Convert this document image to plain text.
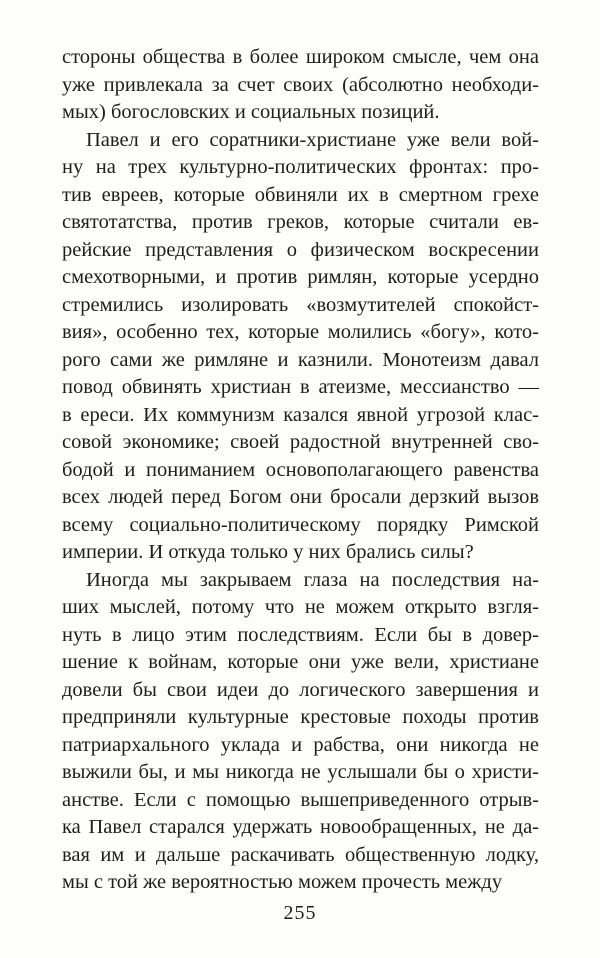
стороны общества в более широком смысле, чем она
уже привлекала за счет своих (абсолютно необходи-
мых) богословских и социальных позиций.
Павел и его соратники-христиане уже вели вой-
ну на трех культурно-политических фронтах: про-
тив евреев, которые обвиняли их в смертном грехе
святотатства, против греков, которые считали ев-
рейские представления о физическом воскресении
смехотворными, и против римлян, которые усердно
стремились изолировать «возмутителей спокойст-
вия», особенно тех, которые молились «богу», кото-
рого сами же римляне и казнили. Монотеизм давал
повод обвинять христиан в атеизме, мессианство —
в ереси. Их коммунизм казался явной угрозой клас-
совой экономике; своей радостной внутренней сво-
бодой и пониманием основополагающего равенства
всех людей перед Богом они бросали дерзкий вызов
всему социально-политическому порядку Римской
империи. И откуда только у них брались силы?
Иногда мы закрываем глаза на последствия на-
ших мыслей, потому что не можем открыто взгля-
нуть в лицо этим последствиям. Если бы в довер-
шение к войнам, которые они уже вели, христиане
довели бы свои идеи до логического завершения и
предприняли культурные крестовые походы против
патриархального уклада и рабства, они никогда не
выжили бы, и мы никогда не услышали бы о христи-
анстве. Если с помощью вышеприведенного отрыв-
ка Павел старался удержать новообращенных, не да-
вая им и дальше раскачивать общественную лодку,
мы с той же вероятностью можем прочесть между
255
